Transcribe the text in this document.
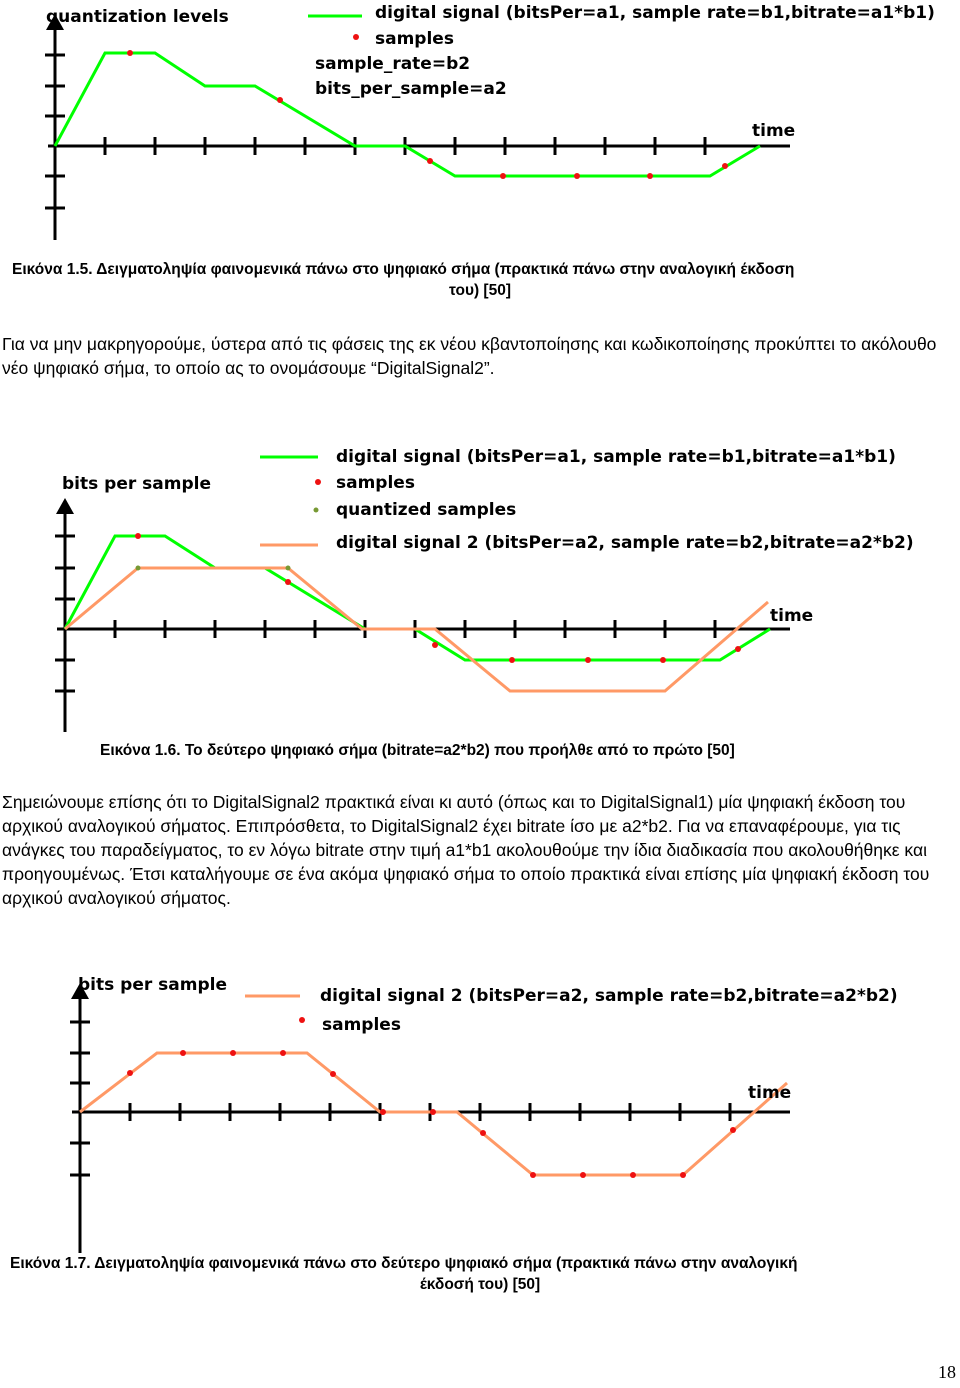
quantization levels
time
digital signal (bitsPer=a1, sample rate=b1,bitrate=a1*b1)
samples
sample_rate=b2
bits_per_sample=a2
Εικόνα 1.5. Δειγματοληψία φαινομενικά πάνω στο ψηφιακό σήμα (πρακτικά πάνω στην αναλογική έκδοση
του) [50]
Για να μην μακρηγορούμε, ύστερα από τις φάσεις της εκ νέου κβαντοποίησης και κωδικοποίησης προκύπτει το ακόλουθο νέο ψηφιακό σήμα, το οποίο ας το ονομάσουμε “DigitalSignal2”.
bits per sample
time
digital signal (bitsPer=a1, sample rate=b1,bitrate=a1*b1)
samples
quantized samples
digital signal 2 (bitsPer=a2, sample rate=b2,bitrate=a2*b2)
Εικόνα 1.6. Το δεύτερο ψηφιακό σήμα (bitrate=a2*b2) που προήλθε από το πρώτο [50]
Σημειώνουμε επίσης ότι το DigitalSignal2 πρακτικά είναι κι αυτό (όπως και το DigitalSignal1) μία ψηφιακή έκδοση του αρχικού αναλογικού σήματος. Επιπρόσθετα, το DigitalSignal2 έχει bitrate ίσο με a2*b2. Για να επαναφέρουμε, για τις ανάγκες του παραδείγματος, το εν λόγω bitrate στην τιμή a1*b1 ακολουθούμε την ίδια διαδικασία που ακολουθήθηκε και προηγουμένως. Έτσι καταλήγουμε σε ένα ακόμα ψηφιακό σήμα το οποίο πρακτικά είναι επίσης μία ψηφιακή έκδοση του αρχικού αναλογικού σήματος.
bits per sample
time
digital signal 2 (bitsPer=a2, sample rate=b2,bitrate=a2*b2)
samples
Εικόνα 1.7. Δειγματοληψία φαινομενικά πάνω στο δεύτερο ψηφιακό σήμα (πρακτικά πάνω στην αναλογική
έκδοσή του) [50]
18
